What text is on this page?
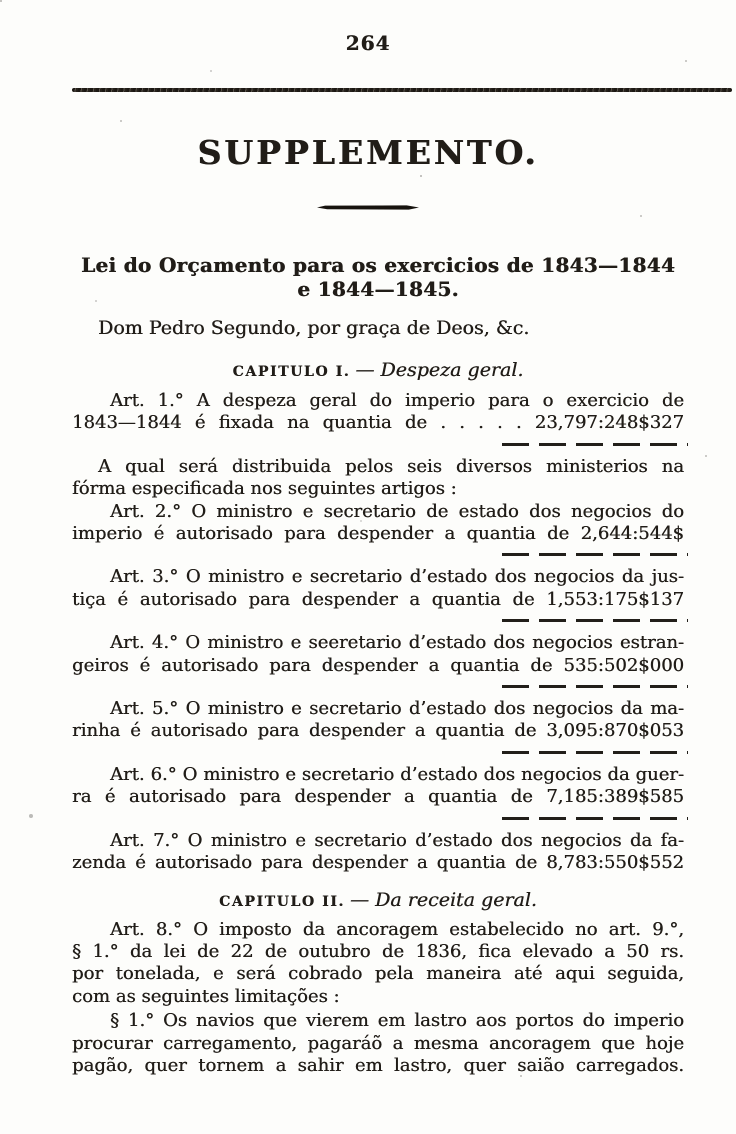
264
SUPPLEMENTO.
Lei do Orçamento para os exercicios de 1843—1844
e 1844—1845.
Dom Pedro Segundo, por graça de Deos, &c.
CAPITULO I. — Despeza geral.
Art. 1.° A despeza geral do imperio para o exercicio de
1843—1844 é fixada na quantia de . . . . . 23,797:248$327
A qual será distribuida pelos seis diversos ministerios na
fórma especificada nos seguintes artigos :
Art. 2.° O ministro e secretario de estado dos negocios do
imperio é autorisado para despender a quantia de 2,644:544$
Art. 3.° O ministro e secretario d’estado dos negocios da jus-
tiça é autorisado para despender a quantia de 1,553:175$137
Art. 4.° O ministro e seeretario d’estado dos negocios estran-
geiros é autorisado para despender a quantia de 535:502$000
Art. 5.° O ministro e secretario d’estado dos negocios da ma-
rinha é autorisado para despender a quantia de 3,095:870$053
Art. 6.° O ministro e secretario d’estado dos negocios da guer-
ra é autorisado para despender a quantia de 7,185:389$585
Art. 7.° O ministro e secretario d’estado dos negocios da fa-
zenda é autorisado para despender a quantia de 8,783:550$552
CAPITULO II. — Da receita geral.
Art. 8.° O imposto da ancoragem estabelecido no art. 9.°,
§ 1.° da lei de 22 de outubro de 1836, fica elevado a 50 rs.
por tonelada, e será cobrado pela maneira até aqui seguida,
com as seguintes limitações :
§ 1.° Os navios que vierem em lastro aos portos do imperio
procurar carregamento, pagaráõ a mesma ancoragem que hoje
pagão, quer tornem a sahir em lastro, quer saião carregados.
